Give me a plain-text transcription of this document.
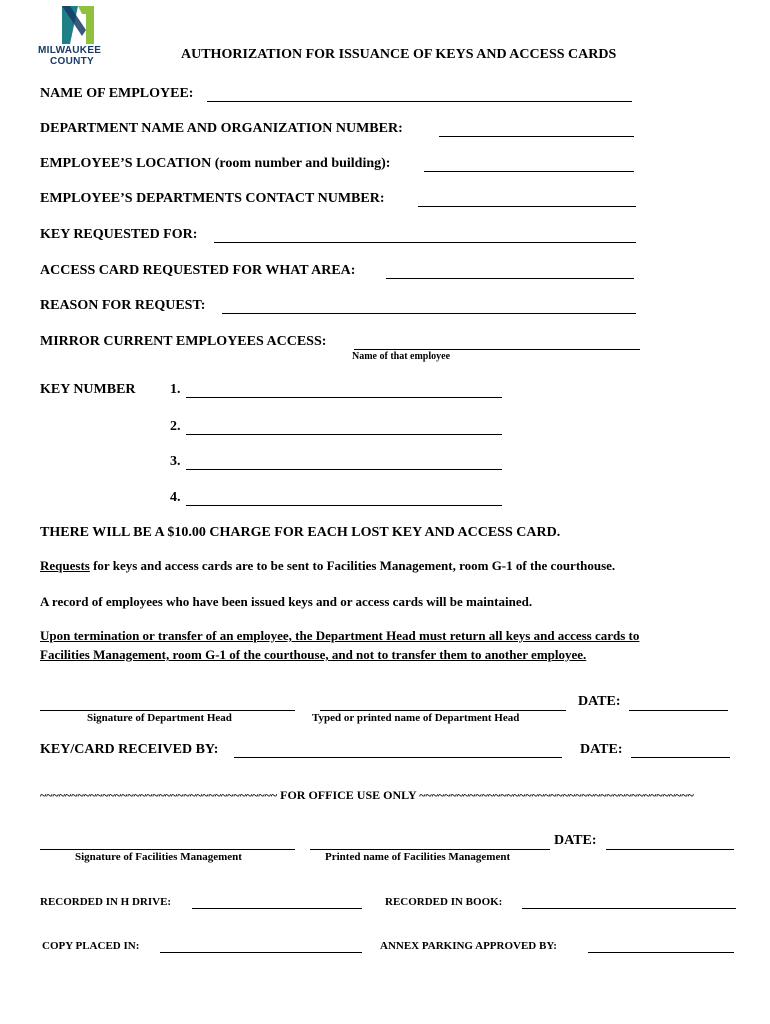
MILWAUKEE
COUNTY	AUTHORIZATION FOR ISSUANCE OF KEYS AND ACCESS CARDS
NAME OF EMPLOYEE:
DEPARTMENT NAME AND ORGANIZATION NUMBER:
EMPLOYEE’S LOCATION (room number and building):
EMPLOYEE’S DEPARTMENTS CONTACT NUMBER:
KEY REQUESTED FOR:
ACCESS CARD REQUESTED FOR WHAT AREA:
REASON FOR REQUEST:
MIRROR CURRENT EMPLOYEES ACCESS:
Name of that employee
KEY NUMBER 1.
2.
3.
4.
THERE WILL BE A $10.00 CHARGE FOR EACH LOST KEY AND ACCESS CARD.
Requests for keys and access cards are to be sent to Facilities Management, room G-1 of the courthouse.
A record of employees who have been issued keys and or access cards will be maintained.
Upon termination or transfer of an employee, the Department Head must return all keys and access cards to
Facilities Management, room G-1 of the courthouse, and not to transfer them to another employee.
DATE:
Signature of Department Head	Typed or printed name of Department Head
KEY/CARD RECEIVED BY:	DATE:
~~~~~~~~~~~~~~~~~~~~~~~~~~~~~~~~~~~~~~ FOR OFFICE USE ONLY ~~~~~~~~~~~~~~~~~~~~~~~~~~~~~~~~~~~~~~~~~~~~
DATE:
Signature of Facilities Management	Printed name of Facilities Management
RECORDED IN H DRIVE:	RECORDED IN BOOK:
COPY PLACED IN:	ANNEX PARKING APPROVED BY:
